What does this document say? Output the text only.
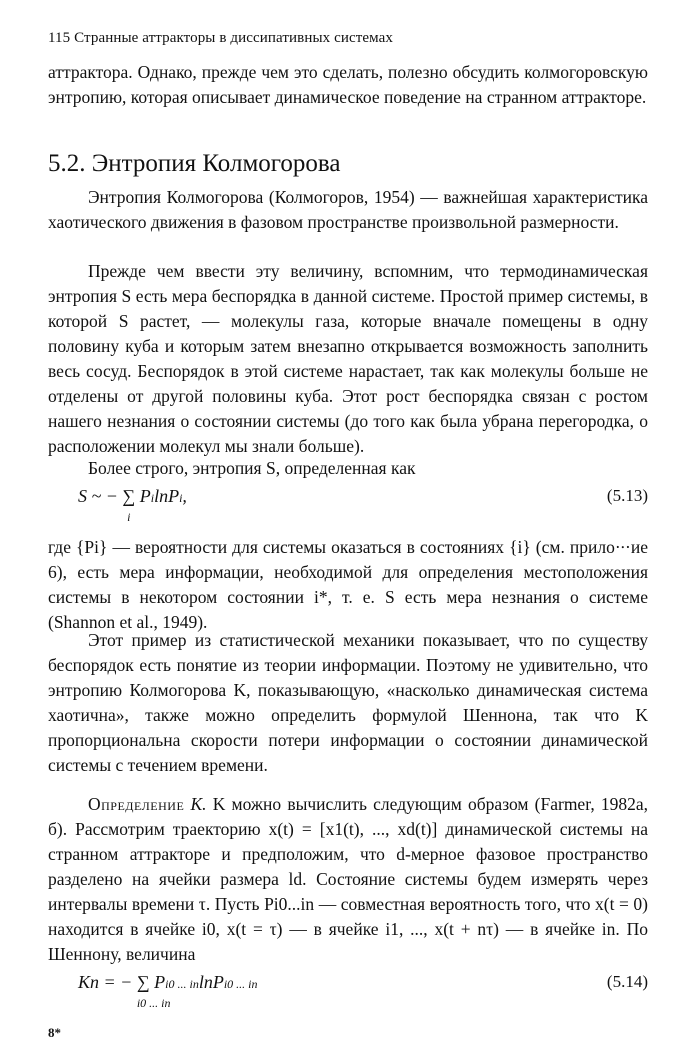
115 Странные аттракторы в диссипативных системах

аттрактора. Однако, прежде чем это сделать, полезно обсудить колмогоровскую энтропию, которая описывает динамическое поведение на странном аттракторе.

5.2. Энтропия Колмогорова

Энтропия Колмогорова (Колмогоров, 1954) — важнейшая характеристика хаотического движения в фазовом пространстве произвольной размерности.

Прежде чем ввести эту величину, вспомним, что термодинамическая энтропия S есть мера беспорядка в данной системе. Простой пример системы, в которой S растет, — молекулы газа, которые вначале помещены в одну половину куба и которым затем внезапно открывается возможность заполнить весь сосуд. Беспорядок в этой системе нарастает, так как молекулы больше не отделены от другой половины куба. Этот рост беспорядка связан с ростом нашего незнания о состоянии системы (до того как была убрана перегородка, о расположении молекул мы знали больше).

Более строго, энтропия S, определенная как

S ~ − ∑
i
PilnPi,	(5.13)

где {Pi} — вероятности для системы оказаться в состояниях {i} (см. прило·∙·ие 6), есть мера информации, необходимой для определения местоположения системы в некотором состоянии i*, т. е. S есть мера незнания о системе (Shannon et al., 1949).

Этот пример из статистической механики показывает, что по существу беспорядок есть понятие из теории информации. Поэтому не удивительно, что энтропию Колмогорова K, показывающую, «насколько динамическая система хаотична», также можно определить формулой Шеннона, так что K пропорциональна скорости потери информации о состоянии динамической системы с течением времени.

Определение K. K можно вычислить следующим образом (Farmer, 1982a, б). Рассмотрим траекторию x(t) = [x1(t), ..., xd(t)] динамической системы на странном аттракторе и предположим, что d-мерное фазовое пространство разделено на ячейки размера ld. Состояние системы будем измерять через интервалы времени τ. Пусть Pi0...in — совместная вероятность того, что x(t = 0) находится в ячейке i0, x(t = τ) — в ячейке i1, ..., x(t + nτ) — в ячейке in. По Шеннону, величина

Kn = − ∑
i0 ... in
Pi0 ... inlnPi0 ... in	(5.14)
8*
